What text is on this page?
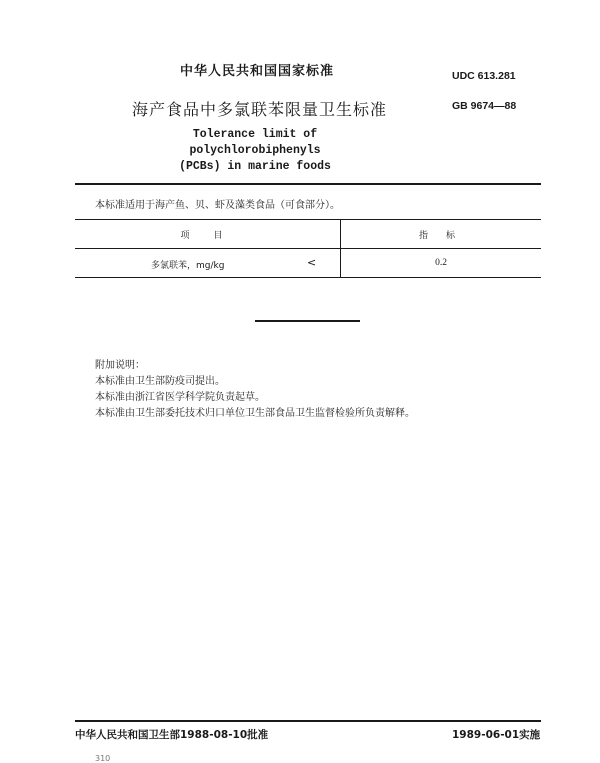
中华人民共和国国家标准	UDC 613.281
海产食品中多氯联苯限量卫生标准	GB 9674—88
Tolerance limit of polychlorobiphenyls
(PCBs) in marine foods
本标准适用于海产鱼、贝、虾及藻类食品（可食部分）。
项目	指标

多氯联苯，mg/kg <	0.2
附加说明：
本标准由卫生部防疫司提出。
本标准由浙江省医学科学院负责起草。
本标准由卫生部委托技术归口单位卫生部食品卫生监督检验所负责解释。
中华人民共和国卫生部1988-08-10批准	1989-06-01实施
310
